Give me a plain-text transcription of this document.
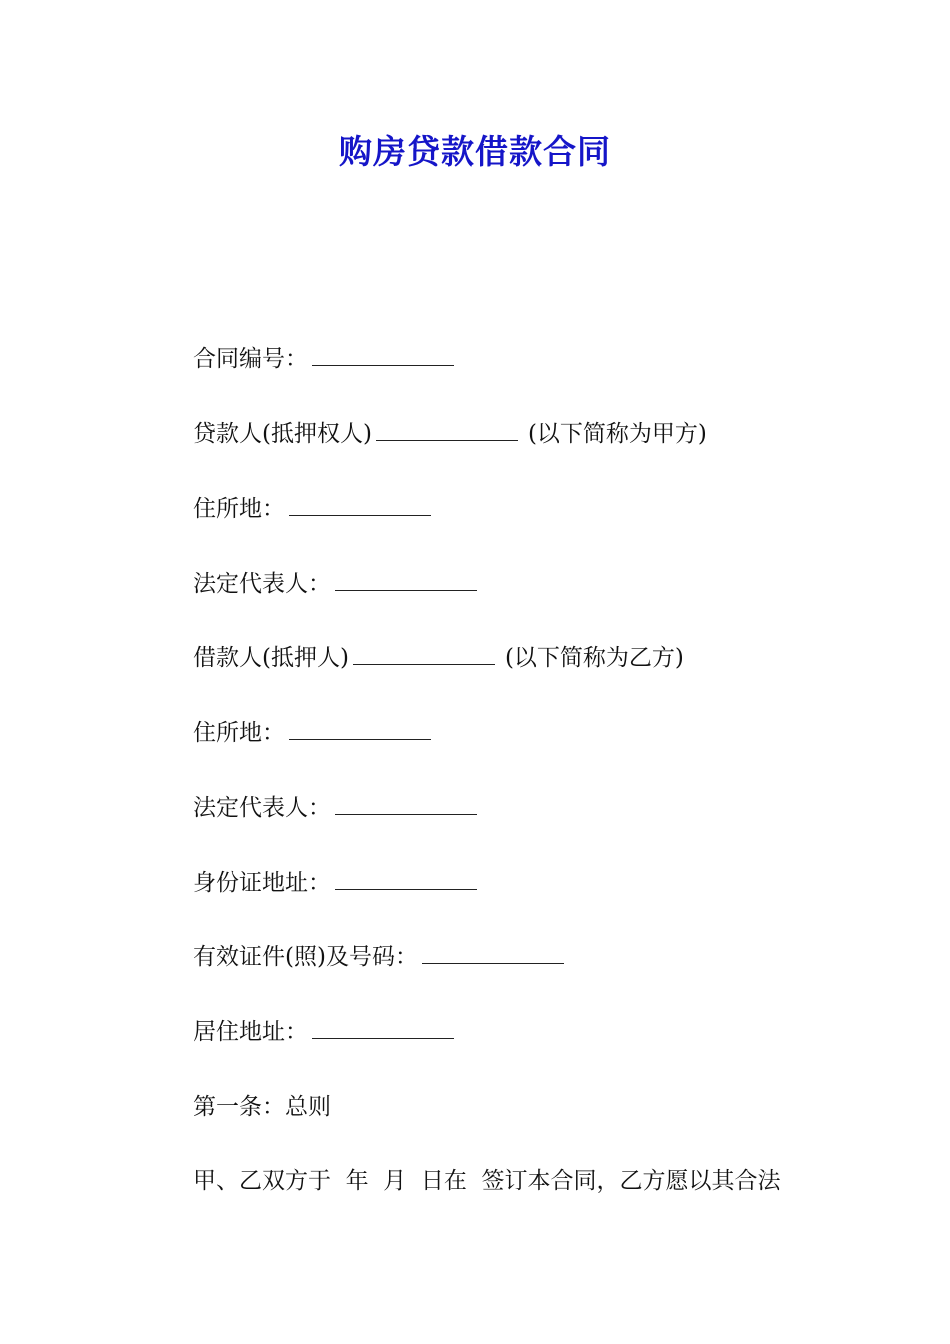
购房贷款借款合同
合同编号：
贷款人(抵押权人)	(以下简称为甲方)
住所地：
法定代表人：
借款人(抵押人)	(以下简称为乙方)
住所地：
法定代表人：
身份证地址：
有效证件(照)及号码：
居住地址：
第一条：总则
甲、乙双方于  年  月  日在  签订本合同，乙方愿以其合法
